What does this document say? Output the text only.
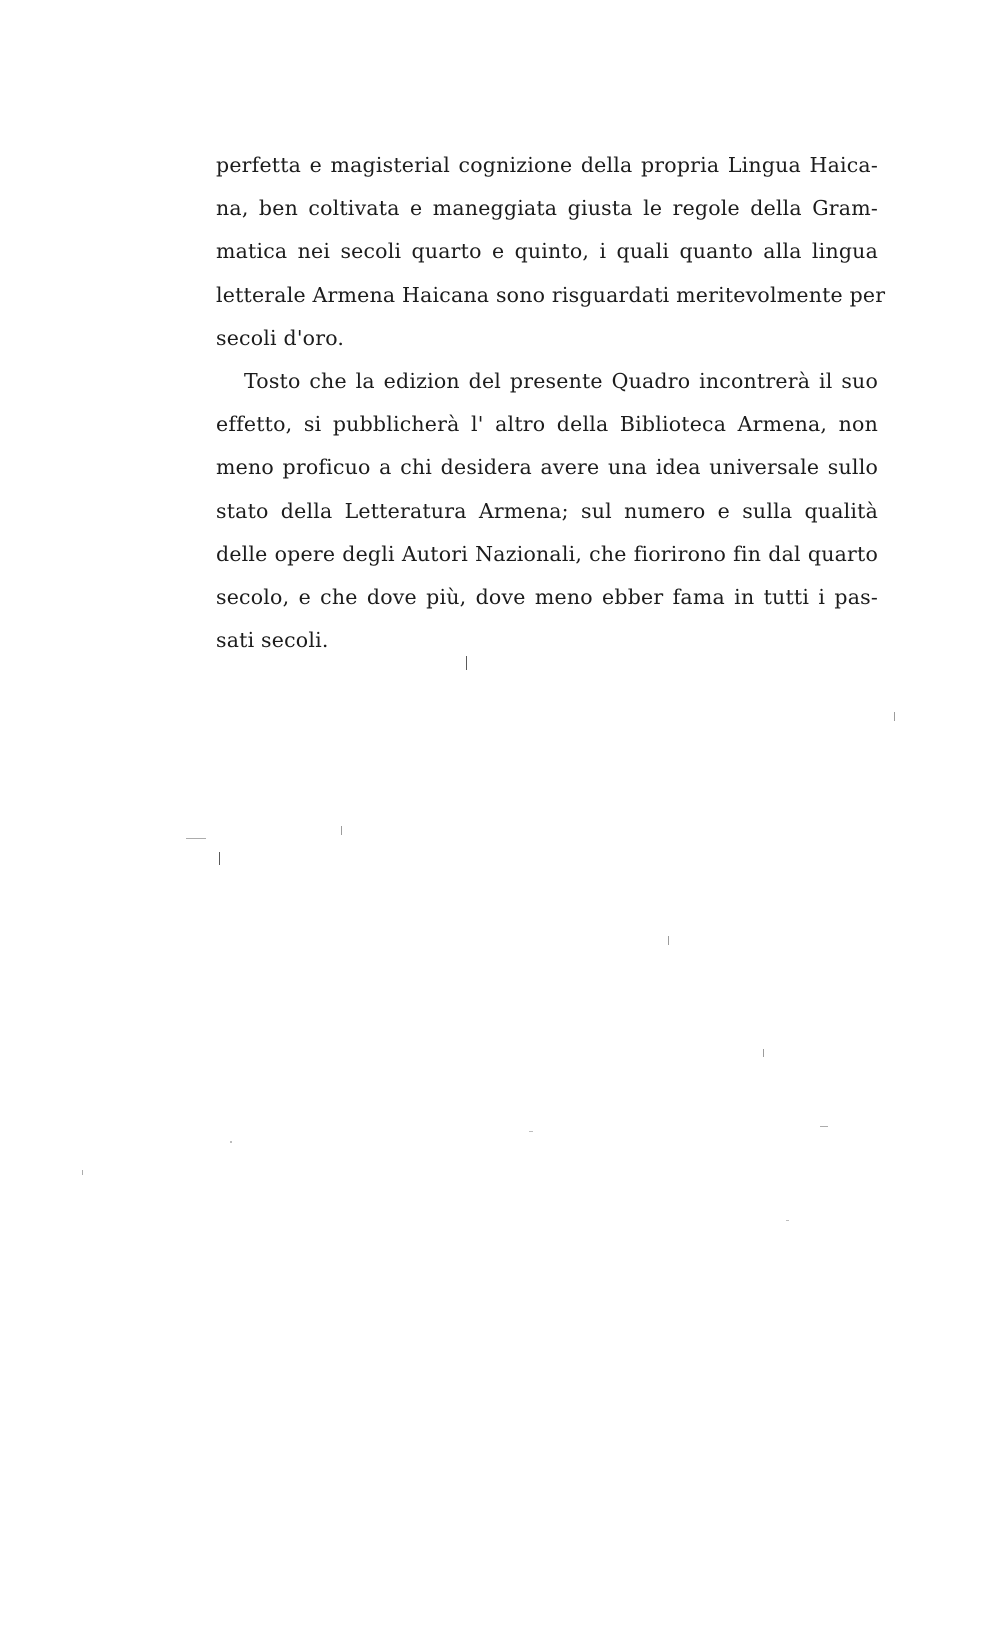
perfetta e magisterial cognizione della propria Lingua Haica-
na, ben coltivata e maneggiata giusta le regole della Gram-
matica nei secoli quarto e quinto, i quali quanto alla lingua
letterale Armena Haicana sono risguardati meritevolmente per
secoli d'oro.
Tosto che la edizion del presente Quadro incontrerà il suo
effetto, si pubblicherà l' altro della Biblioteca Armena, non
meno proficuo a chi desidera avere una idea universale sullo
stato della Letteratura Armena; sul numero e sulla qualità
delle opere degli Autori Nazionali, che fiorirono fin dal quarto
secolo, e che dove più, dove meno ebber fama in tutti i pas-
sati secoli.
